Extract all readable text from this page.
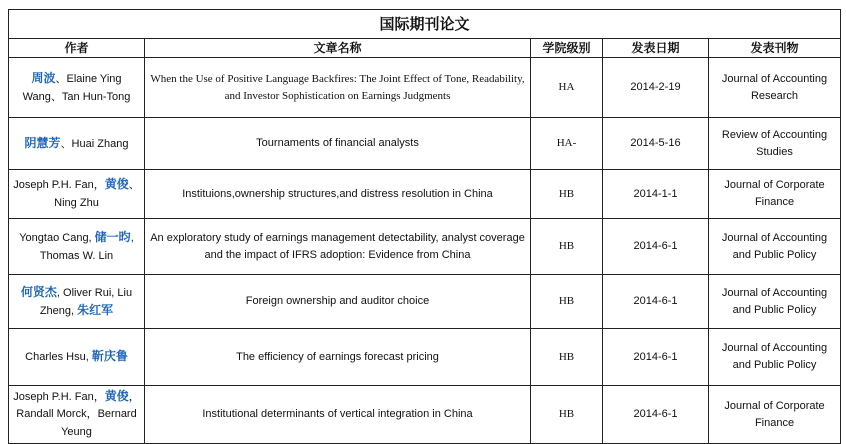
国际期刊论文				
作者	文章名称	学院级别	发表日期	发表刊物
周波、Elaine Ying Wang、Tan Hun-Tong	When the Use of Positive Language Backfires: The Joint Effect of Tone, Readability, and Investor Sophistication on Earnings Judgments	HA	2014-2-19	Journal of Accounting Research
阴慧芳、Huai Zhang	Tournaments of financial analysts	HA-	2014-5-16	Review of Accounting Studies
Joseph P.H. Fan，黄俊、Ning Zhu	Instituions,ownership structures,and distress resolution in China	HB	2014-1-1	Journal of Corporate Finance
Yongtao Cang, 储一昀, Thomas W. Lin	An exploratory study of earnings management detectability, analyst coverage and the impact of IFRS adoption: Evidence from China	HB	2014-6-1	Journal of Accounting and Public Policy
何贤杰, Oliver Rui, Liu Zheng, 朱红军	Foreign ownership and auditor choice	HB	2014-6-1	Journal of Accounting and Public Policy
Charles Hsu, 靳庆鲁	The efficiency of earnings forecast pricing	HB	2014-6-1	Journal of Accounting and Public Policy
Joseph P.H. Fan，黄俊，Randall Morck，Bernard Yeung	Institutional determinants of vertical integration in China	HB	2014-6-1	Journal of Corporate Finance
